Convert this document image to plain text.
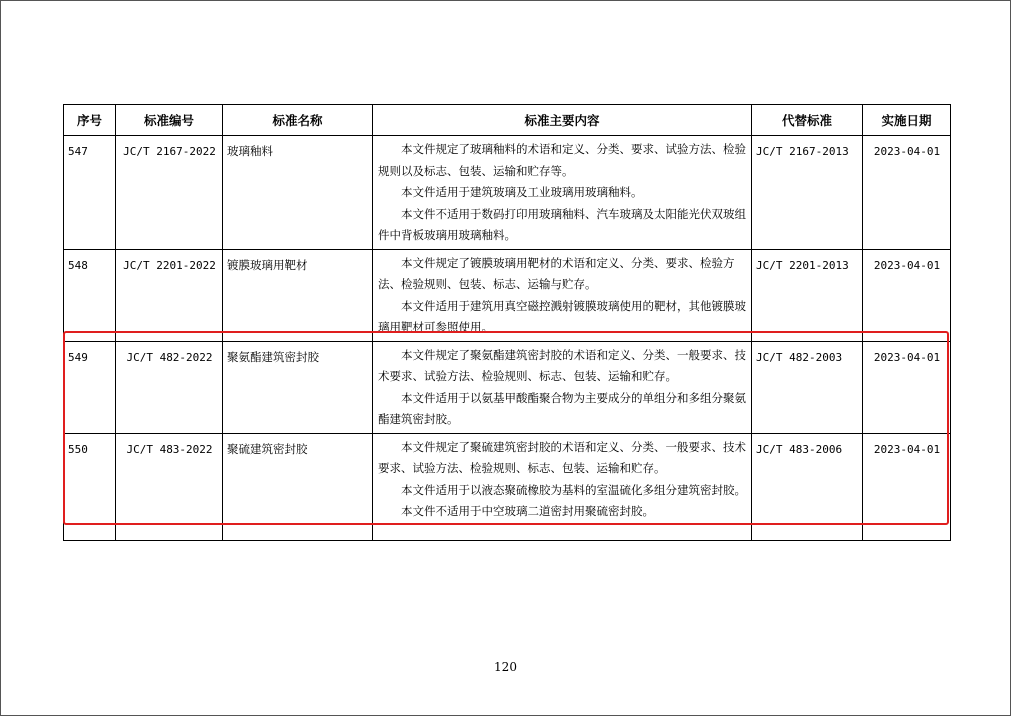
序号	标准编号	标准名称	标准主要内容	代替标准	实施日期

547	JC/T 2167-2022	玻璃釉料	本文件规定了玻璃釉料的术语和定义、分类、要求、试验方法、检验规则以及标志、包装、运输和贮存等。

本文件适用于建筑玻璃及工业玻璃用玻璃釉料。

本文件不适用于数码打印用玻璃釉料、汽车玻璃及太阳能光伏双玻组件中背板玻璃用玻璃釉料。	JC/T 2167-2013	2023-04-01

548	JC/T 2201-2022	镀膜玻璃用靶材	本文件规定了镀膜玻璃用靶材的术语和定义、分类、要求、检验方法、检验规则、包装、标志、运输与贮存。

本文件适用于建筑用真空磁控溅射镀膜玻璃使用的靶材，其他镀膜玻璃用靶材可参照使用。	JC/T 2201-2013	2023-04-01

549	JC/T 482-2022	聚氨酯建筑密封胶	本文件规定了聚氨酯建筑密封胶的术语和定义、分类、一般要求、技术要求、试验方法、检验规则、标志、包装、运输和贮存。

本文件适用于以氨基甲酸酯聚合物为主要成分的单组分和多组分聚氨酯建筑密封胶。	JC/T 482-2003	2023-04-01

550	JC/T 483-2022	聚硫建筑密封胶	本文件规定了聚硫建筑密封胶的术语和定义、分类、一般要求、技术要求、试验方法、检验规则、标志、包装、运输和贮存。

本文件适用于以液态聚硫橡胶为基料的室温硫化多组分建筑密封胶。

本文件不适用于中空玻璃二道密封用聚硫密封胶。	JC/T 483-2006	2023-04-01
120
